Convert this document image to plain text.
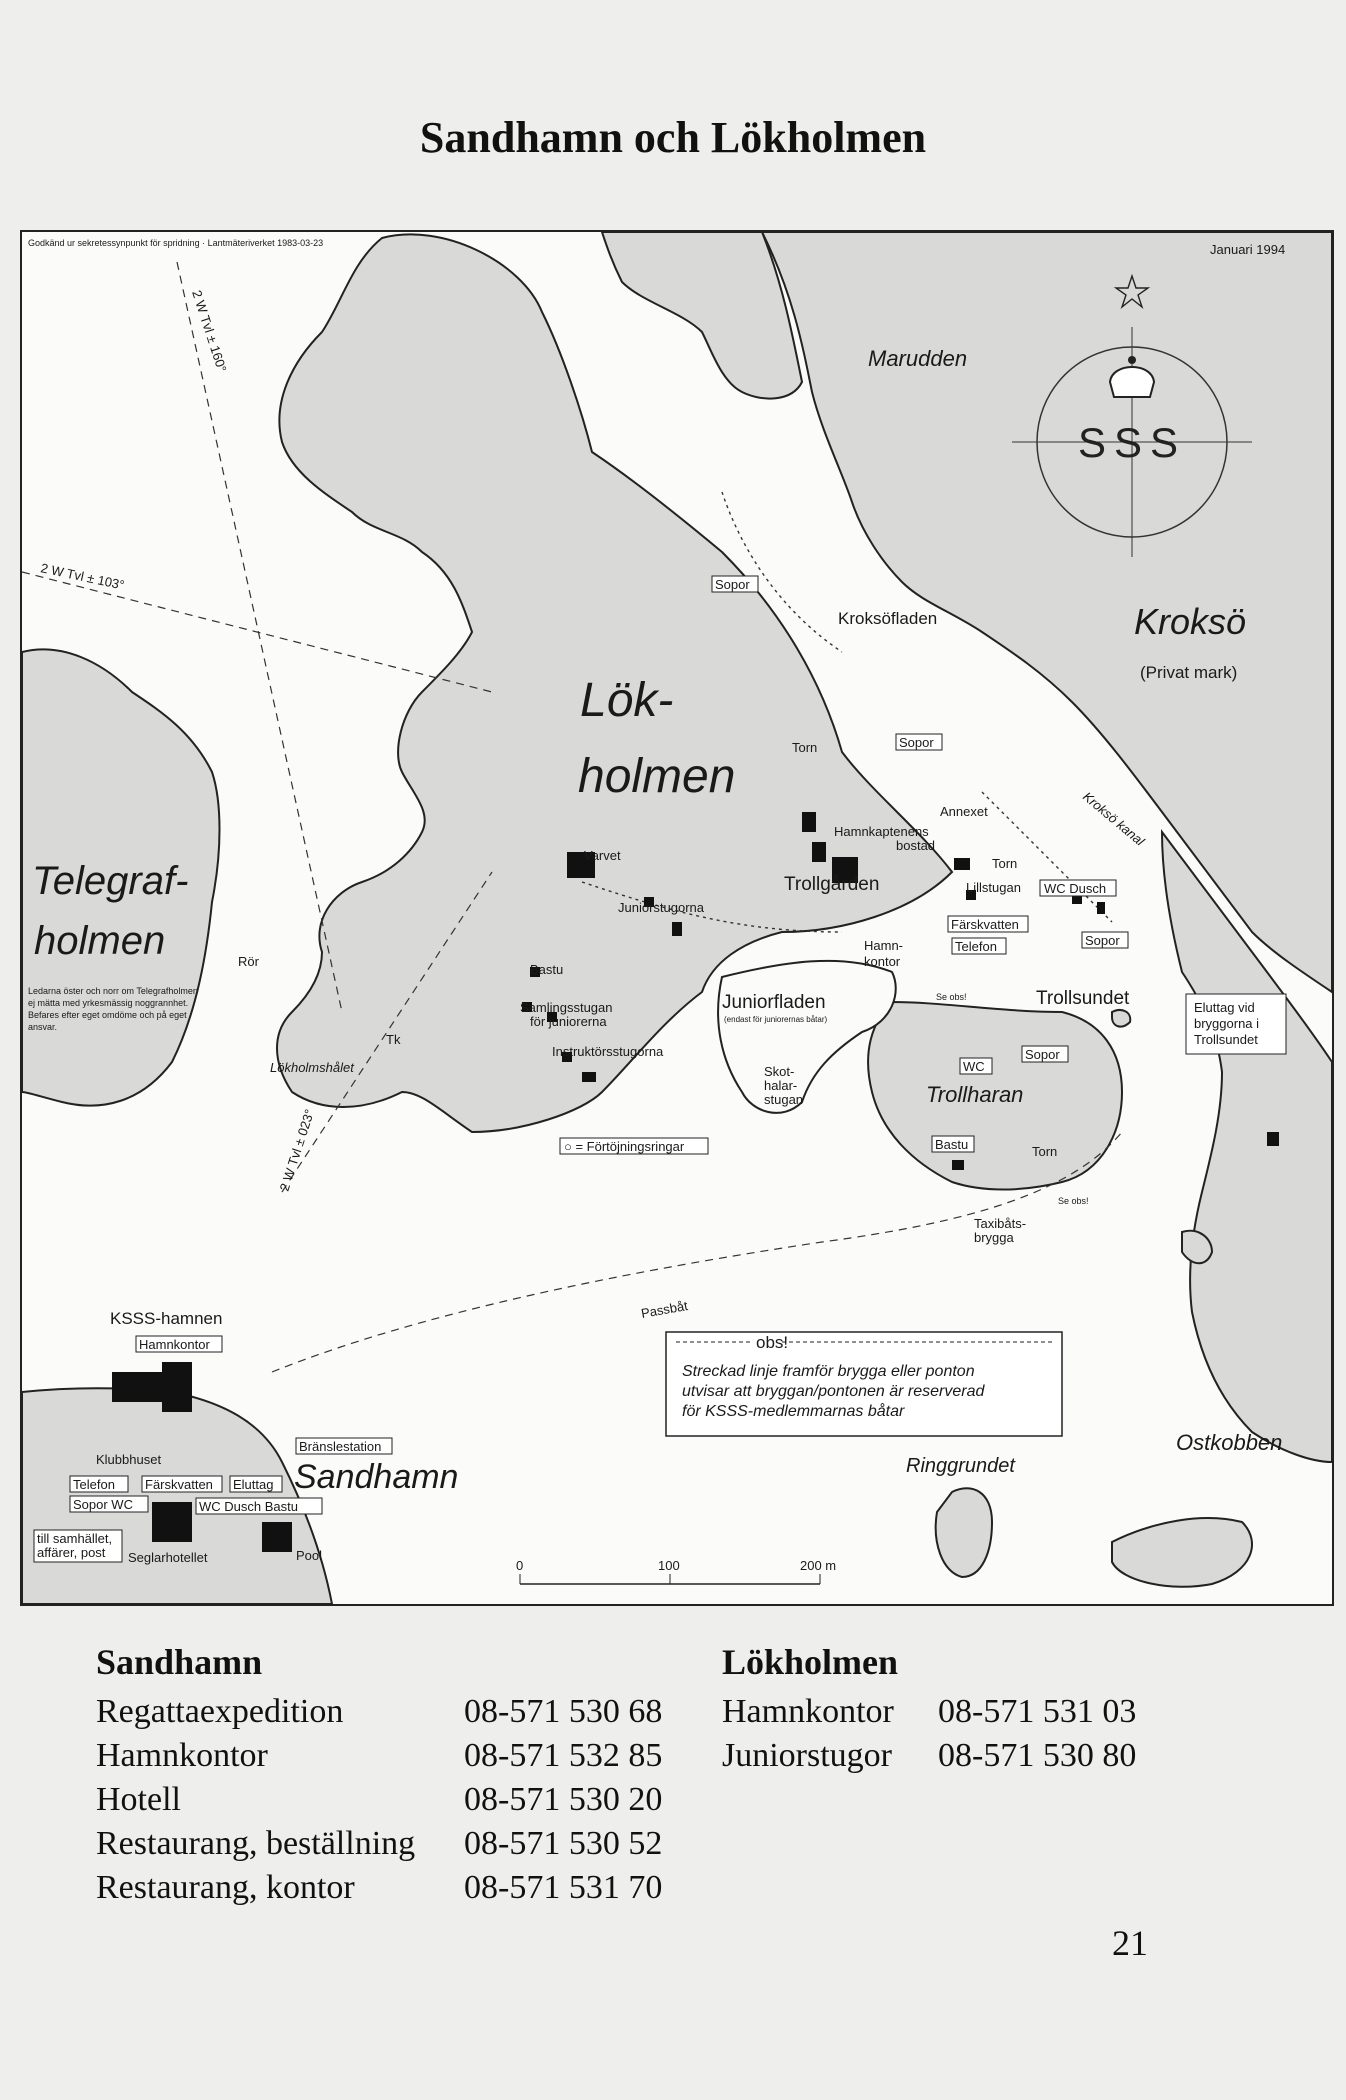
Sandhamn och Lökholmen
SSS
0	100	200 m
Godkänd ur sekretessynpunkt för spridning · Lantmäteriverket 1983-03-23	Januari 1994
2 W Tvl ± 160°
2 W Tvl ± 103°
2 W Tvl ± 023°
Lök-
holmen
Telegraf-
holmen
Kroksö
(Privat mark)
Marudden
Sandhamn
Ostkobben
Ringgrundet
Trollharan
Trollsundet
Kroksöfladen
Juniorfladen
(endast för juniorernas båtar)
Kroksö kanal
Lökholmshålet
Rör
Tk
Sopor
Sopor
Torn
Annexet
Hamnkaptenens
bostad
Trollgården
Torn
Lillstugan WC Dusch
Färskvatten
Telefon	Sopor
Hamn-
kontor
Varvet
Juniorstugorna
Bastu
Samlingsstugan
för juniorerna
Instruktörsstugorna
Skot-
halar-
stugan
○ = Förtöjningsringar
WC
Sopor
Bastu	Torn
Se obs!
Se obs!
Taxibåts-
brygga
Passbåt
KSSS-hamnen
Hamnkontor
Bränslestation
Klubbhuset
Telefon Färskvatten Eluttag
Sopor WC	WC Dusch Bastu
till samhället,
affärer, post Seglarhotellet	Pool
Eluttag vid
bryggorna i
Trollsundet
Ledarna öster och norr om Telegrafholmen
ej mätta med yrkesmässig noggrannhet.
Befares efter eget omdöme och på eget
ansvar.
obs!
Streckad linje framför brygga eller ponton
utvisar att bryggan/pontonen är reserverad
för KSSS-medlemmarnas båtar
Sandhamn
Regattaexpedition	08-571 530 68
Hamnkontor	08-571 532 85
Hotell	08-571 530 20
Restaurang, beställning 08-571 530 52
Restaurang, kontor	08-571 531 70
Lökholmen
Hamnkontor 08-571 531 03
Juniorstugor 08-571 530 80
21
